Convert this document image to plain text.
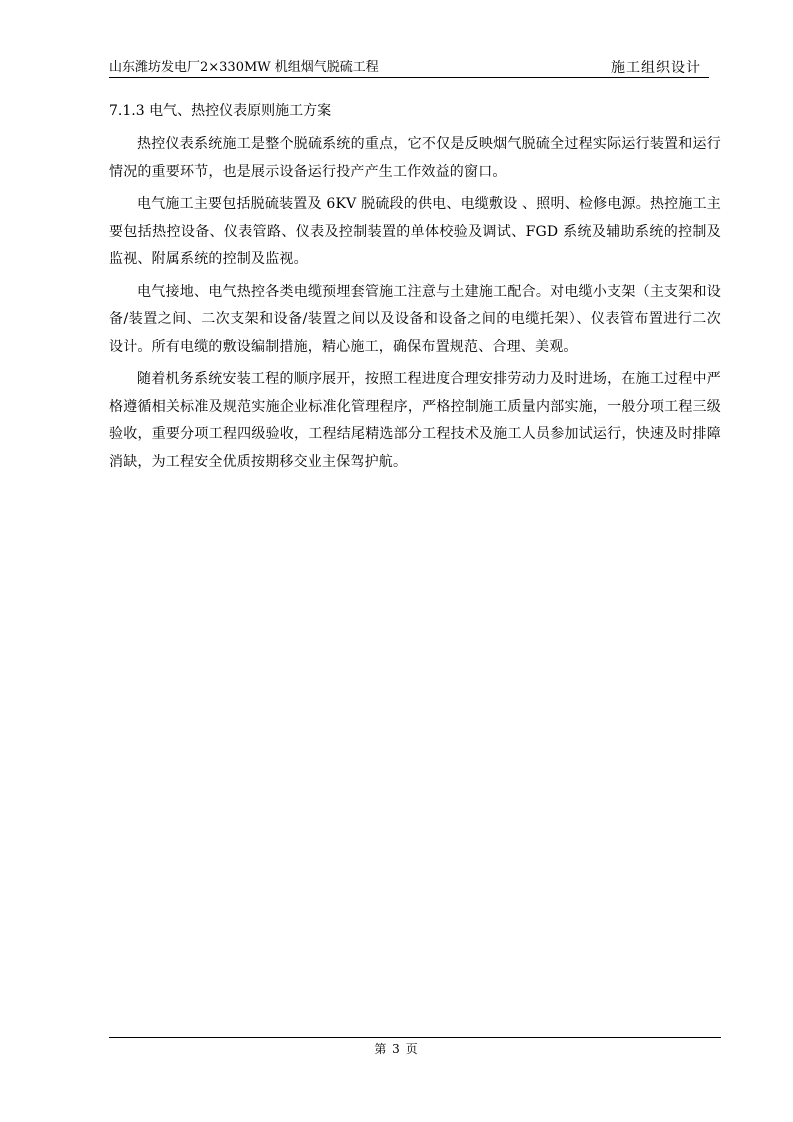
山东潍坊发电厂2×330MW 机组烟气脱硫工程	施工组织设计
7.1.3 电气、热控仪表原则施工方案

热控仪表系统施工是整个脱硫系统的重点，它不仅是反映烟气脱硫全过程实际运行装置和运行情况的重要环节，也是展示设备运行投产产生工作效益的窗口。

电气施工主要包括脱硫装置及 6KV 脱硫段的供电、电缆敷设 、照明、检修电源。热控施工主要包括热控设备、仪表管路、仪表及控制装置的单体校验及调试、FGD 系统及辅助系统的控制及监视、附属系统的控制及监视。

电气接地、电气热控各类电缆预埋套管施工注意与土建施工配合。对电缆小支架（主支架和设备/装置之间、二次支架和设备/装置之间以及设备和设备之间的电缆托架）、仪表管布置进行二次设计。所有电缆的敷设编制措施，精心施工，确保布置规范、合理、美观。

随着机务系统安装工程的顺序展开，按照工程进度合理安排劳动力及时进场，在施工过程中严格遵循相关标准及规范实施企业标准化管理程序，严格控制施工质量内部实施，一般分项工程三级验收，重要分项工程四级验收，工程结尾精选部分工程技术及施工人员参加试运行，快速及时排障消缺，为工程安全优质按期移交业主保驾护航。

第 3 页
